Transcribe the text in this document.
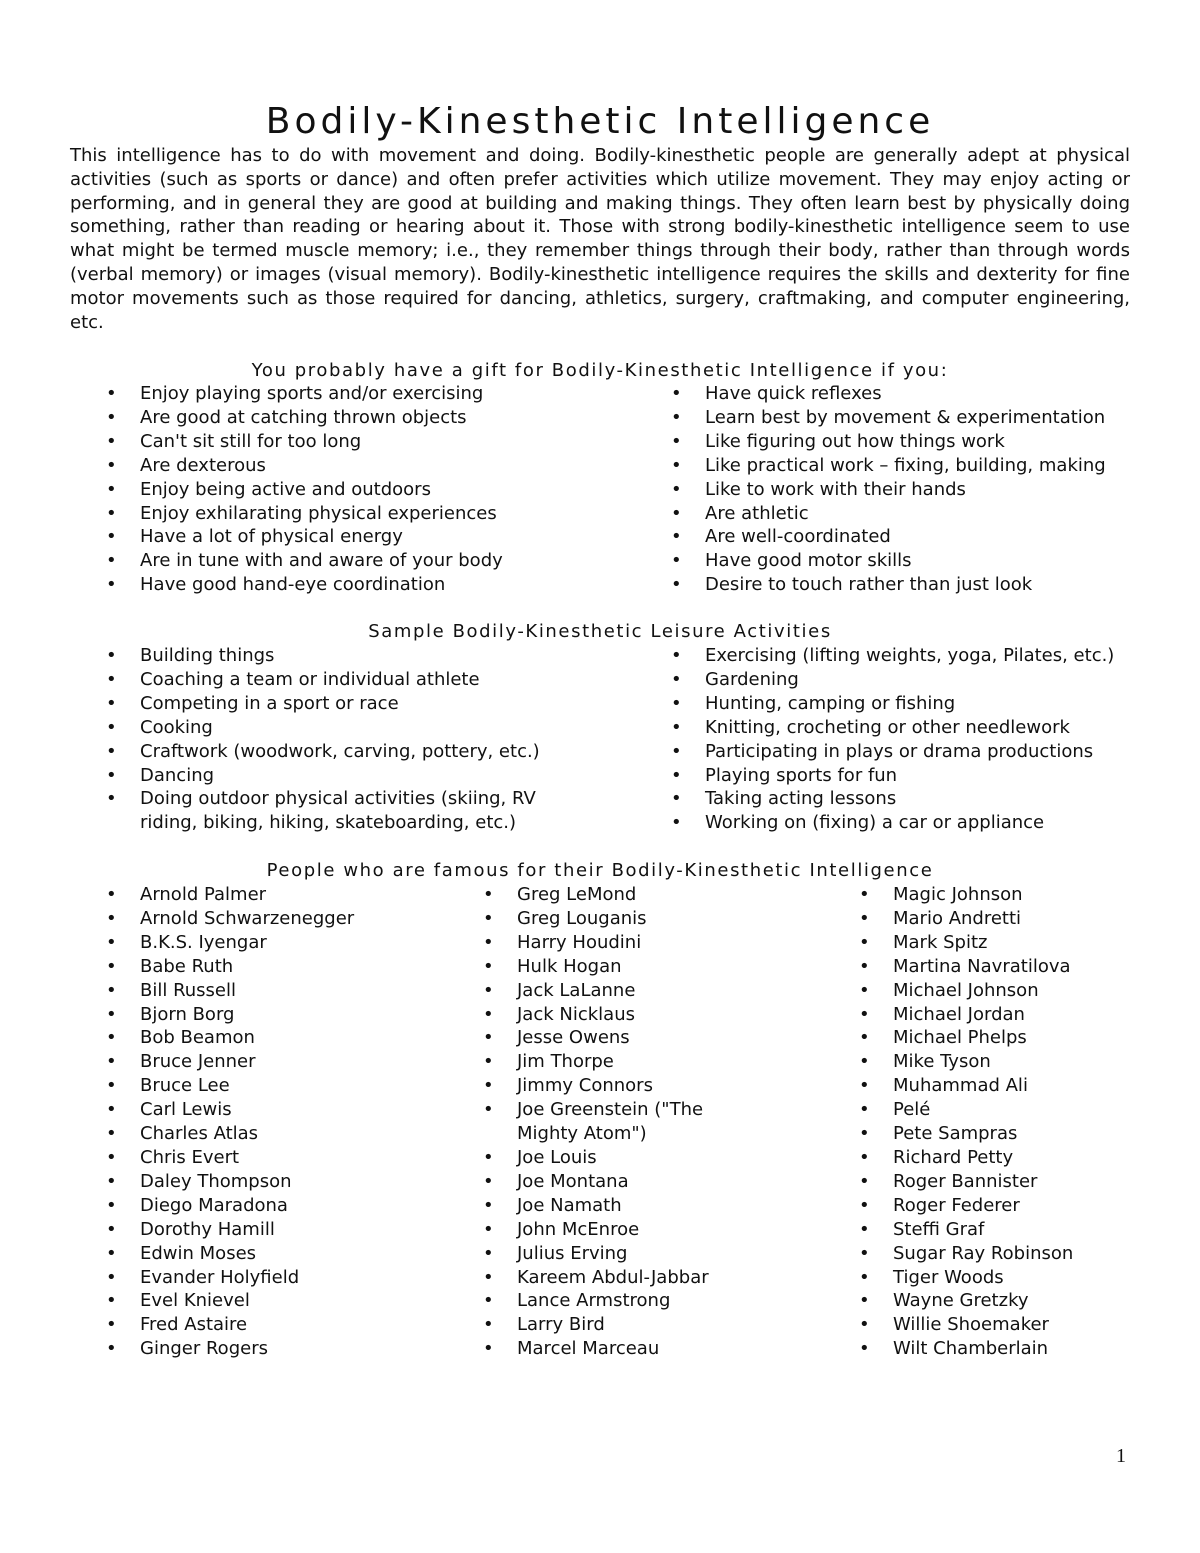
Bodily-Kinesthetic Intelligence

This intelligence has to do with movement and doing. Bodily-kinesthetic people are generally adept at physical activities (such as sports or dance) and often prefer activities which utilize movement. They may enjoy acting or performing, and in general they are good at building and making things. They often learn best by physically doing something, rather than reading or hearing about it. Those with strong bodily-kinesthetic intelligence seem to use what might be termed muscle memory; i.e., they remember things through their body, rather than through words (verbal memory) or images (visual memory). Bodily-kinesthetic intelligence requires the skills and dexterity for fine motor movements such as those required for dancing, athletics, surgery, craftmaking, and computer engineering, etc.

You probably have a gift for Bodily-Kinesthetic Intelligence if you:

• Enjoy playing sports and/or exercising
• Are good at catching thrown objects
• Can't sit still for too long
• Are dexterous
• Enjoy being active and outdoors
• Enjoy exhilarating physical experiences
• Have a lot of physical energy
• Are in tune with and aware of your body
• Have good hand-eye coordination
• Have quick reflexes
• Learn best by movement & experimentation
• Like figuring out how things work
• Like practical work – fixing, building, making
• Like to work with their hands
• Are athletic
• Are well-coordinated
• Have good motor skills
• Desire to touch rather than just look

Sample Bodily-Kinesthetic Leisure Activities

• Building things
• Coaching a team or individual athlete
• Competing in a sport or race
• Cooking
• Craftwork (woodwork, carving, pottery, etc.)
• Dancing
• Doing outdoor physical activities (skiing, RV riding, biking, hiking, skateboarding, etc.)
• Exercising (lifting weights, yoga, Pilates, etc.)
• Gardening
• Hunting, camping or fishing
• Knitting, crocheting or other needlework
• Participating in plays or drama productions
• Playing sports for fun
• Taking acting lessons
• Working on (fixing) a car or appliance

People who are famous for their Bodily-Kinesthetic Intelligence

• Arnold Palmer
• Arnold Schwarzenegger
• B.K.S. Iyengar
• Babe Ruth
• Bill Russell
• Bjorn Borg
• Bob Beamon
• Bruce Jenner
• Bruce Lee
• Carl Lewis
• Charles Atlas
• Chris Evert
• Daley Thompson
• Diego Maradona
• Dorothy Hamill
• Edwin Moses
• Evander Holyfield
• Evel Knievel
• Fred Astaire
• Ginger Rogers
• Greg LeMond
• Greg Louganis
• Harry Houdini
• Hulk Hogan
• Jack LaLanne
• Jack Nicklaus
• Jesse Owens
• Jim Thorpe
• Jimmy Connors
• Joe Greenstein ("The Mighty Atom")
• Joe Louis
• Joe Montana
• Joe Namath
• John McEnroe
• Julius Erving
• Kareem Abdul-Jabbar
• Lance Armstrong
• Larry Bird
• Marcel Marceau
• Magic Johnson
• Mario Andretti
• Mark Spitz
• Martina Navratilova
• Michael Johnson
• Michael Jordan
• Michael Phelps
• Mike Tyson
• Muhammad Ali
• Pelé
• Pete Sampras
• Richard Petty
• Roger Bannister
• Roger Federer
• Steffi Graf
• Sugar Ray Robinson
• Tiger Woods
• Wayne Gretzky
• Willie Shoemaker
• Wilt Chamberlain
1
